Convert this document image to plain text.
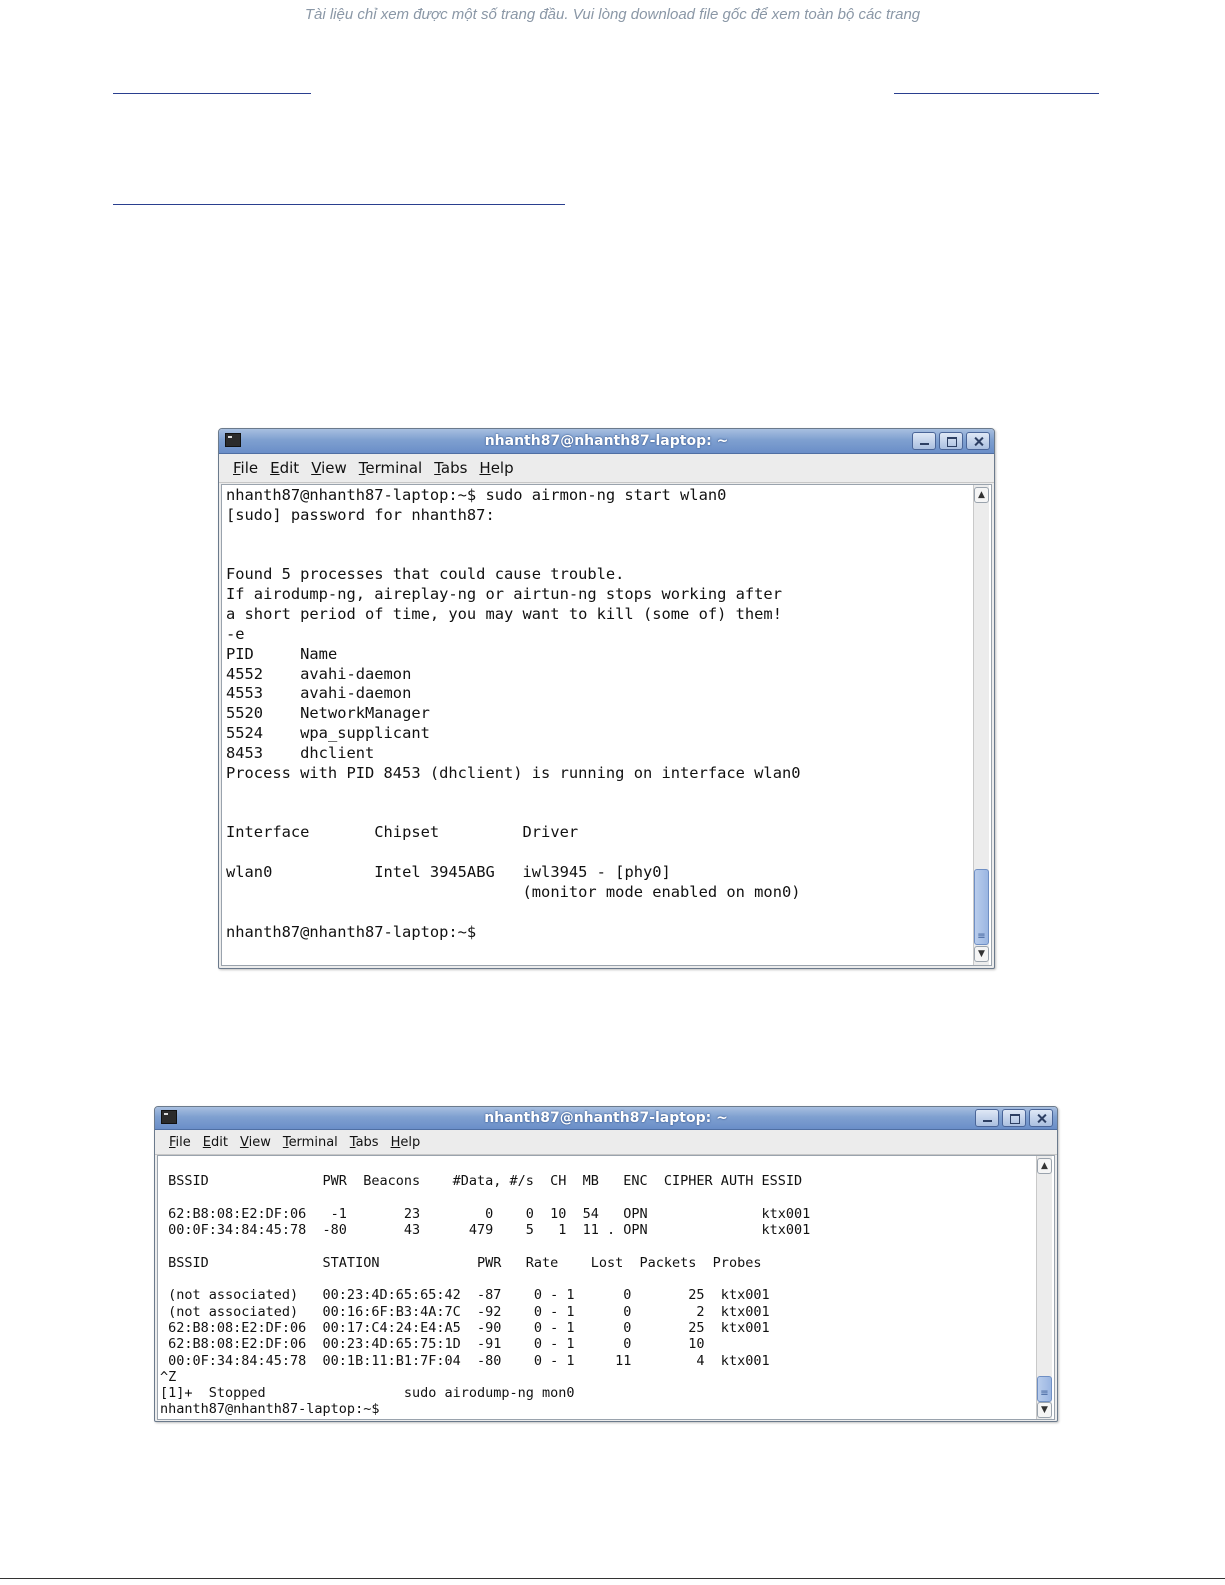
Tài liệu chỉ xem được một số trang đầu. Vui lòng download file gốc để xem toàn bộ các trang
nhanth87@nhanth87-laptop: ~
File Edit View Terminal Tabs Help
nhanth87@nhanth87-laptop:~$ sudo airmon-ng start wlan0
[sudo] password for nhanth87:

Found 5 processes that could cause trouble.
If airodump-ng, aireplay-ng or airtun-ng stops working after
a short period of time, you may want to kill (some of) them!
-e
PID	Name
4552	avahi-daemon
4553	avahi-daemon
5520	NetworkManager
5524	wpa_supplicant
8453	dhclient
Process with PID 8453 (dhclient) is running on interface wlan0

Interface	Chipset		Driver

wlan0		Intel 3945ABG	iwl3945 - [phy0]
				(monitor mode enabled on mon0)

nhanth87@nhanth87-laptop:~$
▲
≡
▼
nhanth87@nhanth87-laptop: ~
File Edit View Terminal Tabs Help

BSSID              PWR  Beacons    #Data, #/s  CH  MB   ENC  CIPHER AUTH ESSID

62:B8:08:E2:DF:06   -1       23        0    0  10  54   OPN              ktx001
00:0F:34:84:45:78  -80       43      479    5   1  11 . OPN              ktx001

BSSID              STATION            PWR   Rate    Lost  Packets  Probes

(not associated)   00:23:4D:65:65:42  -87    0 - 1      0       25  ktx001
(not associated)   00:16:6F:B3:4A:7C  -92    0 - 1      0        2  ktx001
62:B8:08:E2:DF:06  00:17:C4:24:E4:A5  -90    0 - 1      0       25  ktx001
62:B8:08:E2:DF:06  00:23:4D:65:75:1D  -91    0 - 1      0       10
00:0F:34:84:45:78  00:1B:11:B1:7F:04  -80    0 - 1     11        4  ktx001
^Z
[1]+  Stopped                 sudo airodump-ng mon0
nhanth87@nhanth87-laptop:~$
▲
≡
▼
